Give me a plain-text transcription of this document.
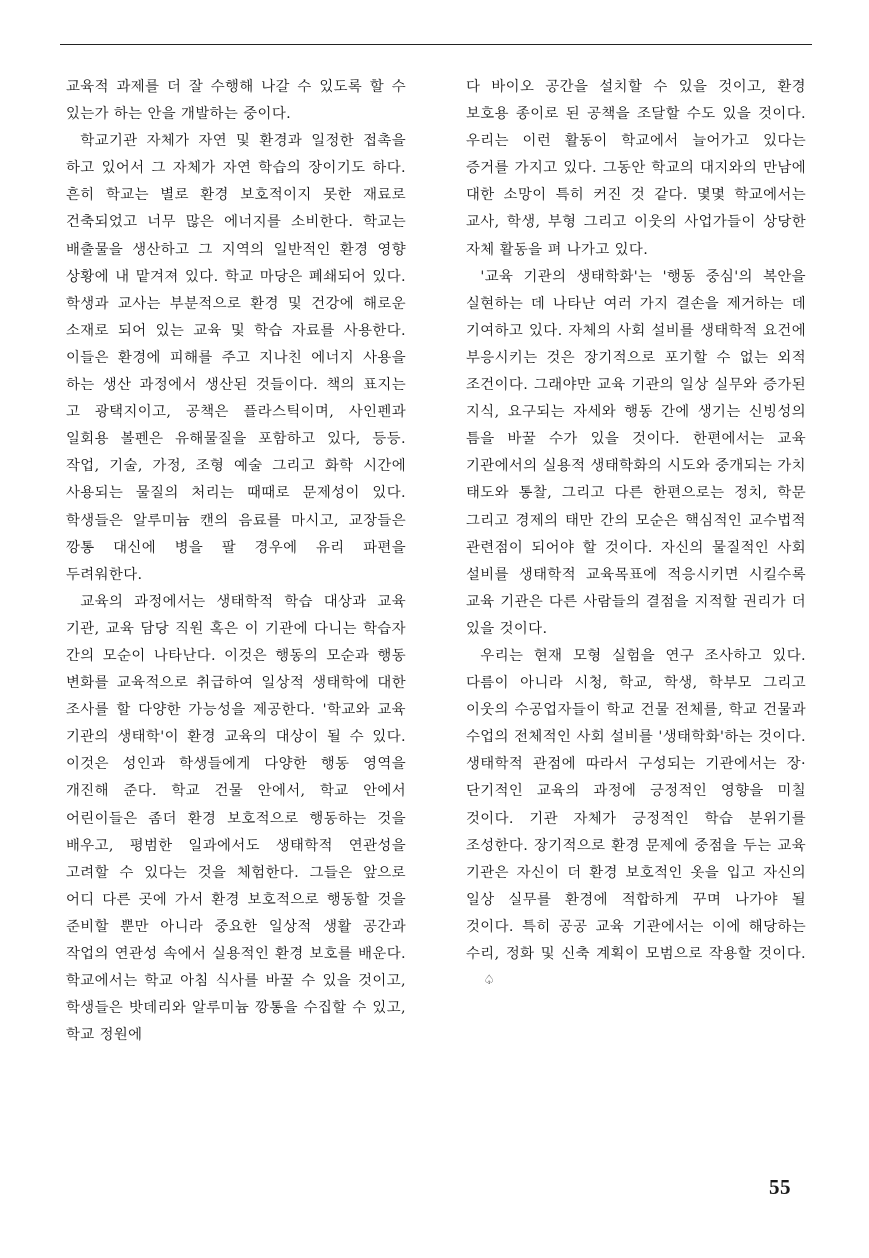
교육적 과제를 더 잘 수행해 나갈 수 있도록 할 수 있는가 하는 안을 개발하는 중이다.

학교기관 자체가 자연 및 환경과 일정한 접촉을 하고 있어서 그 자체가 자연 학습의 장이기도 하다. 흔히 학교는 별로 환경 보호적이지 못한 재료로 건축되었고 너무 많은 에너지를 소비한다. 학교는 배출물을 생산하고 그 지역의 일반적인 환경 영향 상황에 내 맡겨져 있다. 학교 마당은 폐쇄되어 있다. 학생과 교사는 부분적으로 환경 및 건강에 해로운 소재로 되어 있는 교육 및 학습 자료를 사용한다. 이들은 환경에 피해를 주고 지나친 에너지 사용을 하는 생산 과정에서 생산된 것들이다. 책의 표지는 고 광택지이고, 공책은 플라스틱이며, 사인펜과 일회용 볼펜은 유해물질을 포함하고 있다, 등등. 작업, 기술, 가정, 조형 예술 그리고 화학 시간에 사용되는 물질의 처리는 때때로 문제성이 있다. 학생들은 알루미늄 캔의 음료를 마시고, 교장들은 깡통 대신에 병을 팔 경우에 유리 파편을 두려워한다.

교육의 과정에서는 생태학적 학습 대상과 교육 기관, 교육 담당 직원 혹은 이 기관에 다니는 학습자 간의 모순이 나타난다. 이것은 행동의 모순과 행동 변화를 교육적으로 취급하여 일상적 생태학에 대한 조사를 할 다양한 가능성을 제공한다. '학교와 교육 기관의 생태학'이 환경 교육의 대상이 될 수 있다. 이것은 성인과 학생들에게 다양한 행동 영역을 개진해 준다. 학교 건물 안에서, 학교 안에서 어린이들은 좀더 환경 보호적으로 행동하는 것을 배우고, 평범한 일과에서도 생태학적 연관성을 고려할 수 있다는 것을 체험한다. 그들은 앞으로 어디 다른 곳에 가서 환경 보호적으로 행동할 것을 준비할 뿐만 아니라 중요한 일상적 생활 공간과 작업의 연관성 속에서 실용적인 환경 보호를 배운다. 학교에서는 학교 아침 식사를 바꿀 수 있을 것이고, 학생들은 밧데리와 알루미늄 깡통을 수집할 수 있고, 학교 정원에

다 바이오 공간을 설치할 수 있을 것이고, 환경 보호용 종이로 된 공책을 조달할 수도 있을 것이다. 우리는 이런 활동이 학교에서 늘어가고 있다는 증거를 가지고 있다. 그동안 학교의 대지와의 만남에 대한 소망이 특히 커진 것 같다. 몇몇 학교에서는 교사, 학생, 부형 그리고 이웃의 사업가들이 상당한 자체 활동을 펴 나가고 있다.

'교육 기관의 생태학화'는 '행동 중심'의 복안을 실현하는 데 나타난 여러 가지 결손을 제거하는 데 기여하고 있다. 자체의 사회 설비를 생태학적 요건에 부응시키는 것은 장기적으로 포기할 수 없는 외적 조건이다. 그래야만 교육 기관의 일상 실무와 증가된 지식, 요구되는 자세와 행동 간에 생기는 신빙성의 틈을 바꿀 수가 있을 것이다. 한편에서는 교육 기관에서의 실용적 생태학화의 시도와 중개되는 가치 태도와 통찰, 그리고 다른 한편으로는 정치, 학문 그리고 경제의 태만 간의 모순은 핵심적인 교수법적 관련점이 되어야 할 것이다. 자신의 물질적인 사회 설비를 생태학적 교육목표에 적응시키면 시킬수록 교육 기관은 다른 사람들의 결점을 지적할 권리가 더 있을 것이다.

우리는 현재 모형 실험을 연구 조사하고 있다. 다름이 아니라 시청, 학교, 학생, 학부모 그리고 이웃의 수공업자들이 학교 건물 전체를, 학교 건물과 수업의 전체적인 사회 설비를 '생태학화'하는 것이다. 생태학적 관점에 따라서 구성되는 기관에서는 장·단기적인 교육의 과정에 긍정적인 영향을 미칠 것이다. 기관 자체가 긍정적인 학습 분위기를 조성한다. 장기적으로 환경 문제에 중점을 두는 교육 기관은 자신이 더 환경 보호적인 옷을 입고 자신의 일상 실무를 환경에 적합하게 꾸며 나가야 될 것이다. 특히 공공 교육 기관에서는 이에 해당하는 수리, 정화 및 신축 계획이 모범으로 작용할 것이다.♤

55
